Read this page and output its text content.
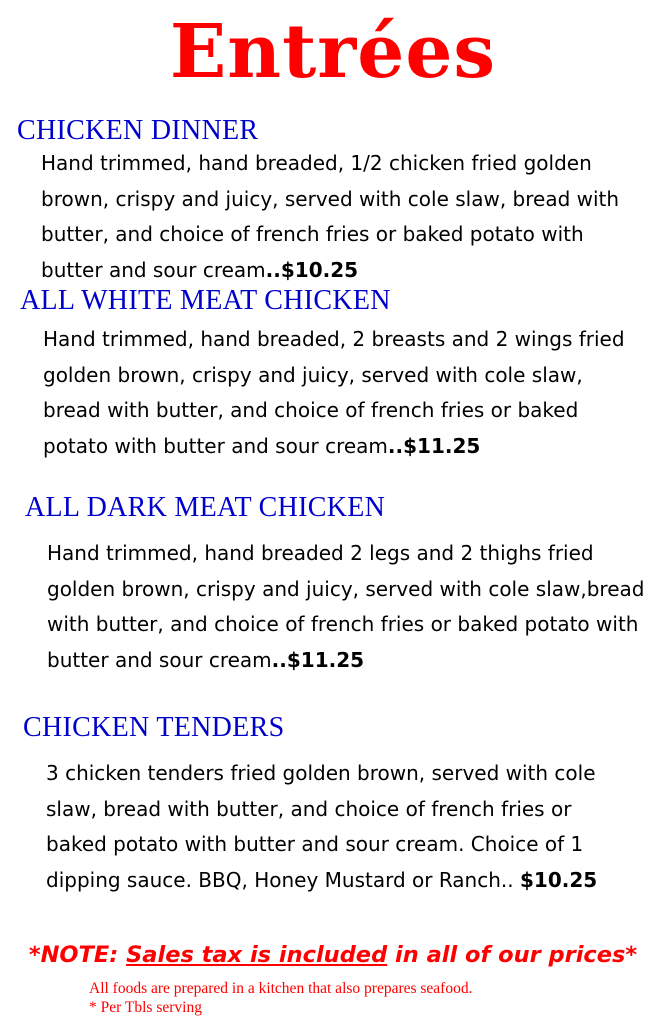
Entrées
CHICKEN DINNER

Hand trimmed, hand breaded, 1/2 chicken fried golden brown, crispy and juicy, served with cole slaw, bread with butter, and choice of french fries or baked potato with butter and sour cream..$10.25

ALL WHITE MEAT CHICKEN

Hand trimmed, hand breaded, 2 breasts and 2 wings fried golden brown, crispy and juicy, served with cole slaw, bread with butter, and choice of french fries or baked potato with butter and sour cream..$11.25

ALL DARK MEAT CHICKEN

Hand trimmed, hand breaded 2 legs and 2 thighs fried golden brown, crispy and juicy, served with cole slaw,bread with butter, and choice of french fries or baked potato with butter and sour cream..$11.25

CHICKEN TENDERS

3 chicken tenders fried golden brown, served with cole slaw, bread with butter, and choice of french fries or baked potato with butter and sour cream. Choice of 1 dipping sauce. BBQ, Honey Mustard or Ranch.. $10.25

*NOTE: Sales tax is included in all of our prices*
All foods are prepared in a kitchen that also prepares seafood.
* Per Tbls serving
